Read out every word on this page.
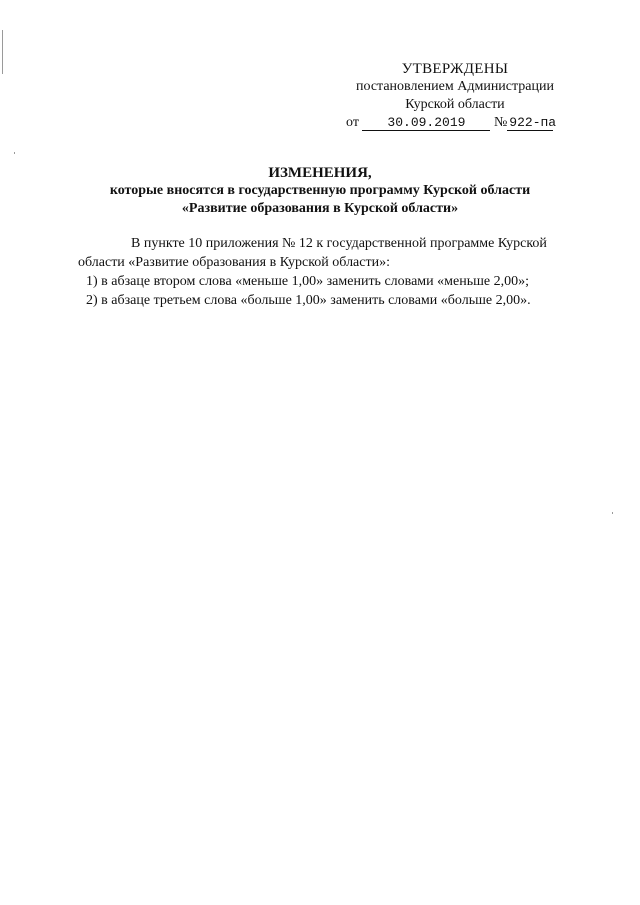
УТВЕРЖДЕНЫ
постановлением Администрации
Курской области
от 30.09.2019 № 922-па
ИЗМЕНЕНИЯ,
которые вносятся в государственную программу Курской области
«Развитие образования в Курской области»
В пункте 10 приложения № 12 к государственной программе Курской
области «Развитие образования в Курской области»:
1) в абзаце втором слова «меньше 1,00» заменить словами «меньше 2,00»;
2) в абзаце третьем слова «больше 1,00» заменить словами «больше 2,00».
